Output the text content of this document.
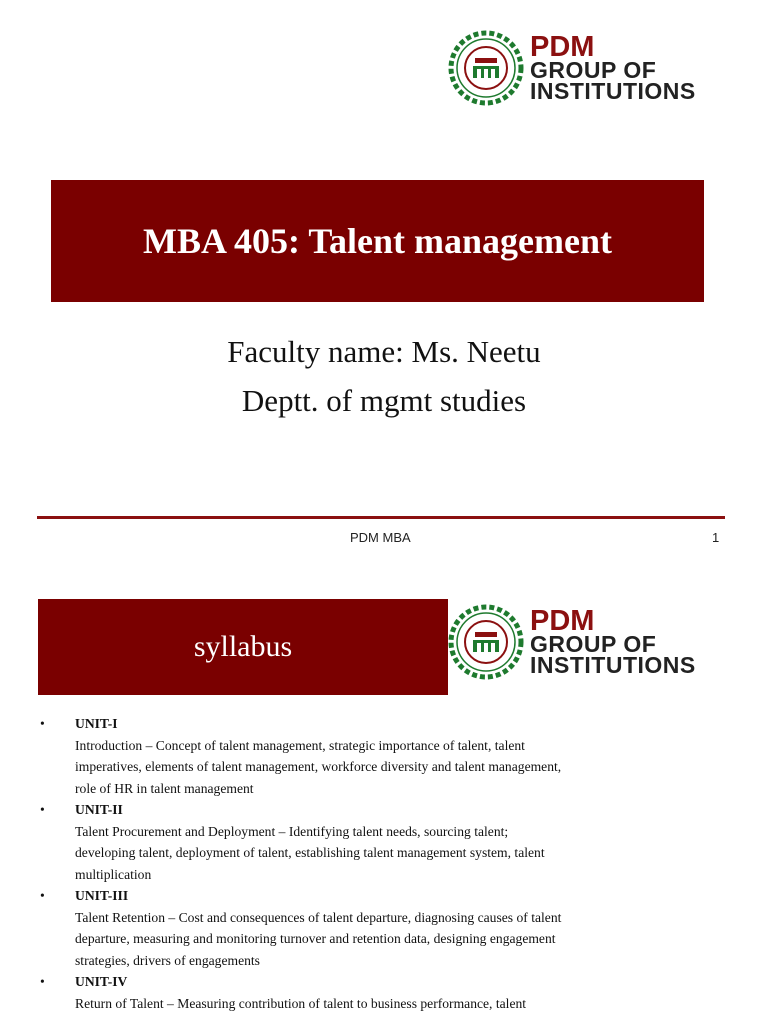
PDM
GROUP OF
INSTITUTIONS
MBA 405: Talent management
Faculty name: Ms. Neetu
Deptt. of mgmt studies
PDM MBA	1
syllabus
PDM
GROUP OF
INSTITUTIONS
• UNIT-I
Introduction – Concept of talent management, strategic importance of talent, talent
imperatives, elements of talent management, workforce diversity and talent management,
role of HR in talent management
• UNIT-II
Talent Procurement and Deployment – Identifying talent needs, sourcing talent;
developing talent, deployment of talent, establishing talent management system, talent
multiplication
• UNIT-III
Talent Retention – Cost and consequences of talent departure, diagnosing causes of talent
departure, measuring and monitoring turnover and retention data, designing engagement
strategies, drivers of engagements
• UNIT-IV
Return of Talent – Measuring contribution of talent to business performance, talent
